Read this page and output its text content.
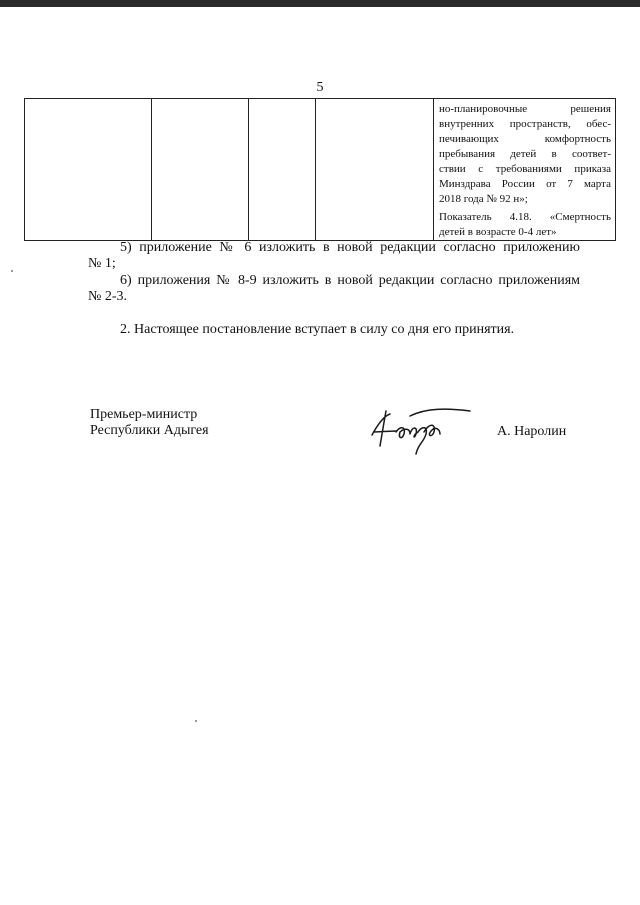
5

но-планировочные решения

внутренних пространств, обес-

печивающих комфортность

пребывания детей в соответ-

ствии с требованиями приказа

Минздрава России от 7 марта

2018 года № 92 н»;

Показатель 4.18. «Смертность

детей в возрасте 0-4 лет»

5) приложение № 6 изложить в новой редакции согласно приложению
№ 1;
6) приложения № 8-9 изложить в новой редакции согласно приложениям
№ 2-3.
2. Настоящее постановление вступает в силу со дня его принятия.
Премьер-министр
Республики Адыгея	А. Наролин
